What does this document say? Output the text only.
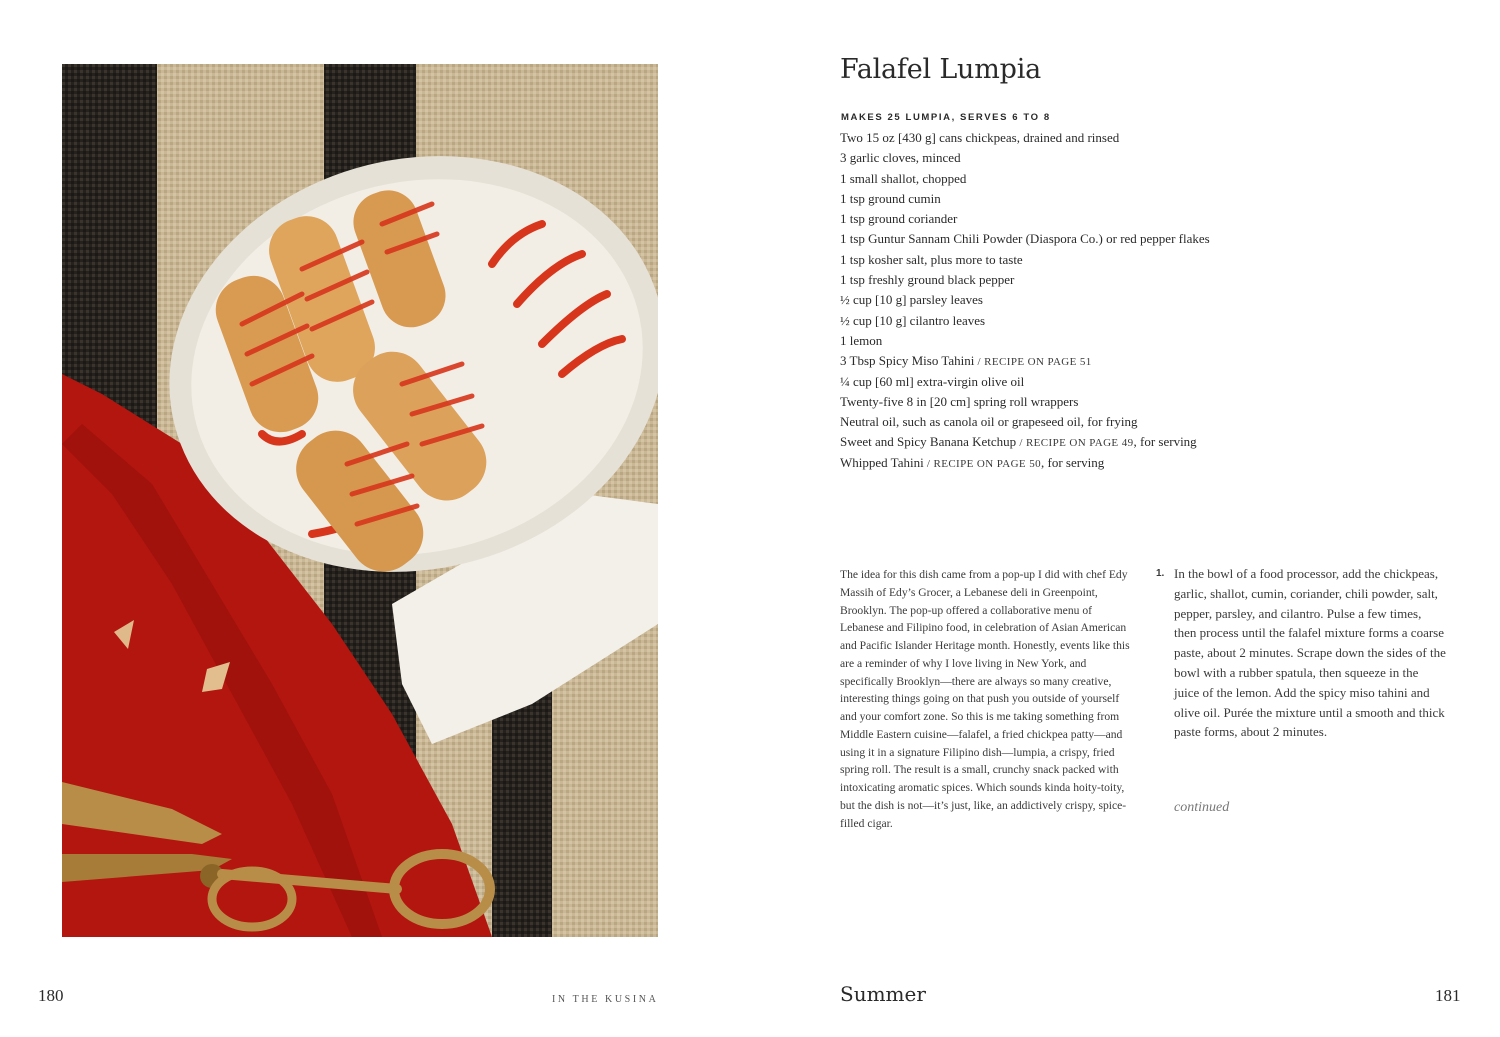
Falafel Lumpia
MAKES 25 LUMPIA, SERVES 6 TO 8
Two 15 oz [430 g] cans chickpeas, drained and rinsed
3 garlic cloves, minced
1 small shallot, chopped
1 tsp ground cumin
1 tsp ground coriander
1 tsp Guntur Sannam Chili Powder (Diaspora Co.) or red pepper flakes
1 tsp kosher salt, plus more to taste
1 tsp freshly ground black pepper
½ cup [10 g] parsley leaves
½ cup [10 g] cilantro leaves
1 lemon
3 Tbsp Spicy Miso Tahini / RECIPE ON PAGE 51
¼ cup [60 ml] extra-virgin olive oil
Twenty-five 8 in [20 cm] spring roll wrappers
Neutral oil, such as canola oil or grapeseed oil, for frying
Sweet and Spicy Banana Ketchup / RECIPE ON PAGE 49, for serving
Whipped Tahini / RECIPE ON PAGE 50, for serving

The idea for this dish came from a pop-up I did with chef Edy Massih of Edy’s Grocer, a Lebanese deli in Greenpoint, Brooklyn. The pop-up offered a collaborative menu of Lebanese and Filipino food, in celebration of Asian American and Pacific Islander Heritage month. Honestly, events like this are a reminder of why I love living in New York, and specifically Brooklyn—there are always so many creative, interesting things going on that push you outside of yourself and your comfort zone. So this is me taking something from Middle Eastern cuisine—falafel, a fried chickpea patty—and using it in a signature Filipino dish—lumpia, a crispy, fried spring roll. The result is a small, crunchy snack packed with intoxicating aromatic spices. Which sounds kinda hoity-toity, but the dish is not—it’s just, like, an addictively crispy, spice-filled cigar.

1. In the bowl of a food processor, add the chickpeas, garlic, shallot, cumin, coriander, chili powder, salt, pepper, parsley, and cilantro. Pulse a few times, then process until the falafel mixture forms a coarse paste, about 2 minutes. Scrape down the sides of the bowl with a rubber spatula, then squeeze in the juice of the lemon. Add the spicy miso tahini and olive oil. Purée the mixture until a smooth and thick paste forms, about 2 minutes.
continued
180	IN THE KUSINA	Summer	181
